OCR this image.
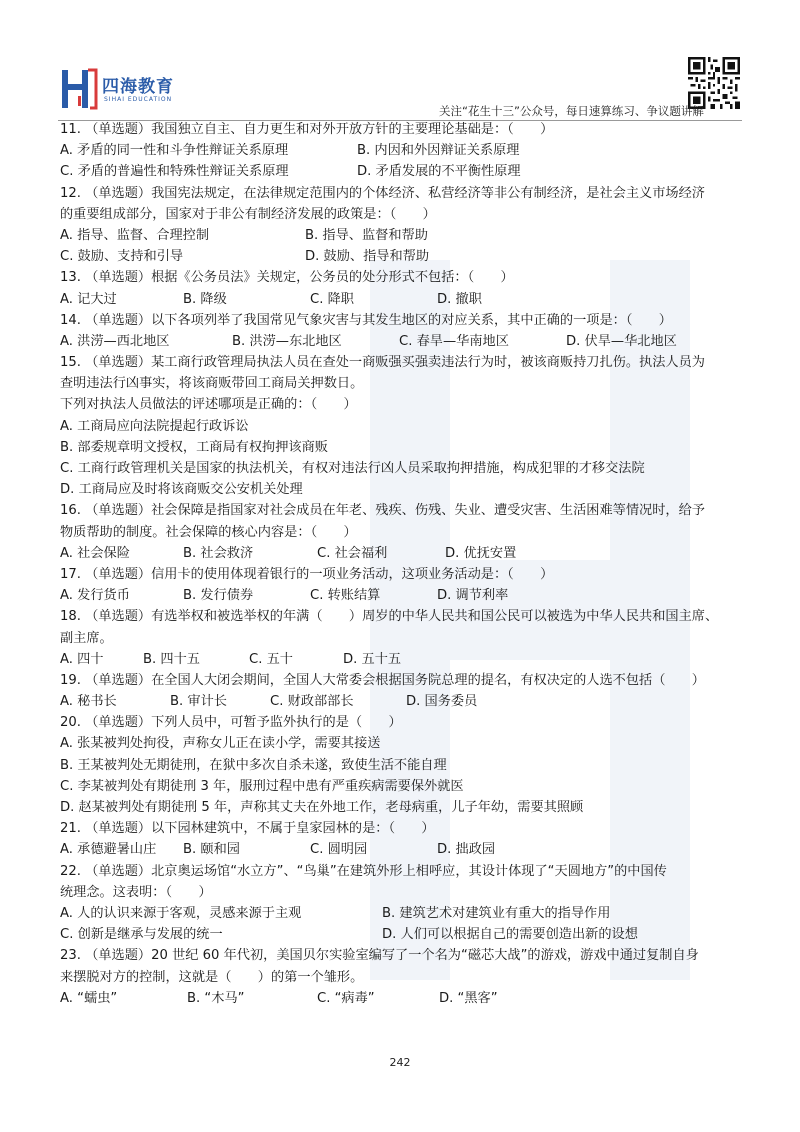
四海教育
SIHAI EDUCATION
关注“花生十三”公众号，每日速算练习、争议题讲解
11. （单选题）我国独立自主、自力更生和对外开放方针的主要理论基础是：（　　）
A. 矛盾的同一性和斗争性辩证关系原理	B. 内因和外因辩证关系原理
C. 矛盾的普遍性和特殊性辩证关系原理	D. 矛盾发展的不平衡性原理
12. （单选题）我国宪法规定，在法律规定范围内的个体经济、私营经济等非公有制经济，是社会主义市场经济
的重要组成部分，国家对于非公有制经济发展的政策是：（　　）
A. 指导、监督、合理控制	B. 指导、监督和帮助
C. 鼓励、支持和引导	D. 鼓励、指导和帮助
13. （单选题）根据《公务员法》关规定，公务员的处分形式不包括：（　　）
A. 记大过	B. 降级	C. 降职	D. 撤职
14. （单选题）以下各项列举了我国常见气象灾害与其发生地区的对应关系，其中正确的一项是：（　　）
A. 洪涝—西北地区	B. 洪涝—东北地区	C. 春旱—华南地区	D. 伏旱—华北地区
15. （单选题）某工商行政管理局执法人员在查处一商贩强买强卖违法行为时，被该商贩持刀扎伤。执法人员为
查明违法行凶事实，将该商贩带回工商局关押数日。
下列对执法人员做法的评述哪项是正确的：（　　）
A. 工商局应向法院提起行政诉讼
B. 部委规章明文授权，工商局有权拘押该商贩
C. 工商行政管理机关是国家的执法机关，有权对违法行凶人员采取拘押措施，构成犯罪的才移交法院
D. 工商局应及时将该商贩交公安机关处理
16. （单选题）社会保障是指国家对社会成员在年老、残疾、伤残、失业、遭受灾害、生活困难等情况时，给予
物质帮助的制度。社会保障的核心内容是：（　　）
A. 社会保险	B. 社会救济	C. 社会福利	D. 优抚安置
17. （单选题）信用卡的使用体现着银行的一项业务活动，这项业务活动是：（　　）
A. 发行货币	B. 发行债券	C. 转账结算	D. 调节利率
18. （单选题）有选举权和被选举权的年满（　　）周岁的中华人民共和国公民可以被选为中华人民共和国主席、
副主席。
A. 四十	B. 四十五	C. 五十	D. 五十五
19. （单选题）在全国人大闭会期间，全国人大常委会根据国务院总理的提名，有权决定的人选不包括（　　）
A. 秘书长	B. 审计长	C. 财政部部长	D. 国务委员
20. （单选题）下列人员中，可暂予监外执行的是（　　）
A. 张某被判处拘役，声称女儿正在读小学，需要其接送
B. 王某被判处无期徒刑，在狱中多次自杀未遂，致使生活不能自理
C. 李某被判处有期徒刑 3 年，服刑过程中患有严重疾病需要保外就医
D. 赵某被判处有期徒刑 5 年，声称其丈夫在外地工作，老母病重，儿子年幼，需要其照顾
21. （单选题）以下园林建筑中，不属于皇家园林的是：（　　）
A. 承德避暑山庄 B. 颐和园	C. 圆明园	D. 拙政园
22. （单选题）北京奥运场馆“水立方”、“鸟巢”在建筑外形上相呼应，其设计体现了“天圆地方”的中国传
统理念。这表明：（　　）
A. 人的认识来源于客观，灵感来源于主观	B. 建筑艺术对建筑业有重大的指导作用
C. 创新是继承与发展的统一	D. 人们可以根据自己的需要创造出新的设想
23. （单选题）20 世纪 60 年代初，美国贝尔实验室编写了一个名为“磁芯大战”的游戏，游戏中通过复制自身
来摆脱对方的控制，这就是（　　）的第一个雏形。
A. “蠕虫”	B. “木马”	C. “病毒”	D. “黑客”
242
